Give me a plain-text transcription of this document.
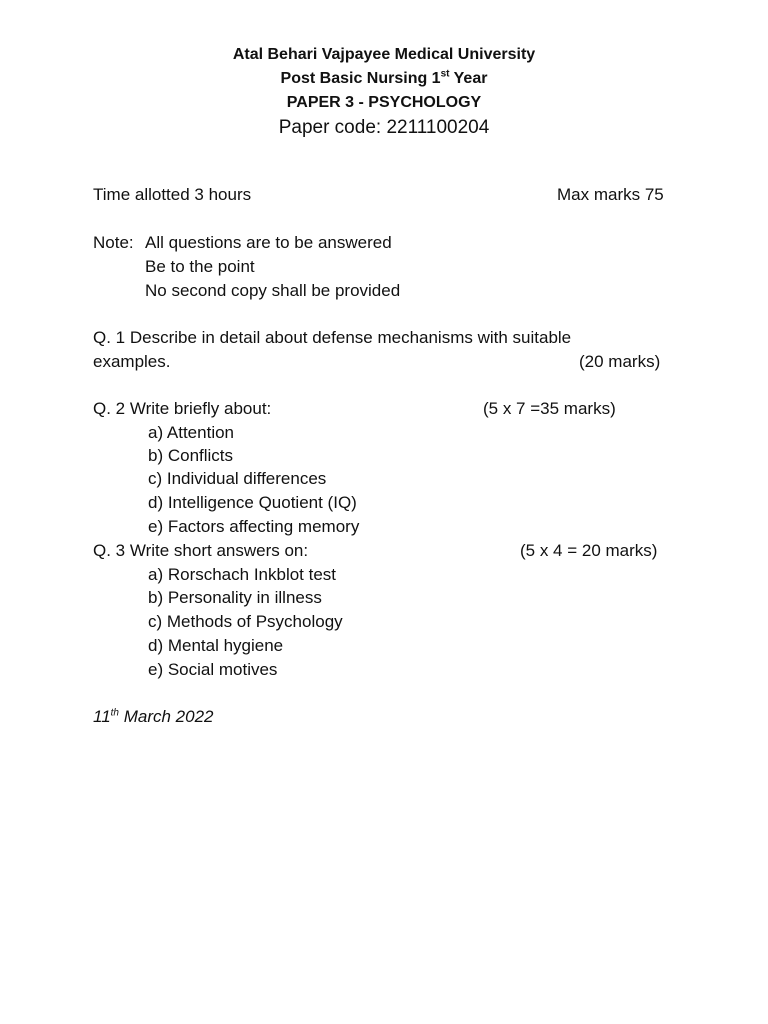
Atal Behari Vajpayee Medical University
Post Basic Nursing 1st Year
PAPER 3 - PSYCHOLOGY
Paper code: 2211100204
Time allotted 3 hours	Max marks 75
Note: All questions are to be answered
Be to the point
No second copy shall be provided
Q. 1 Describe in detail about defense mechanisms with suitable
examples.	(20 marks)
Q. 2 Write briefly about:	(5 x 7 =35 marks)
a) Attention
b) Conflicts
c) Individual differences
d) Intelligence Quotient (IQ)
e) Factors affecting memory
Q. 3 Write short answers on:	(5 x 4 = 20 marks)
a) Rorschach Inkblot test
b) Personality in illness
c) Methods of Psychology
d) Mental hygiene
e) Social motives
11th March 2022
